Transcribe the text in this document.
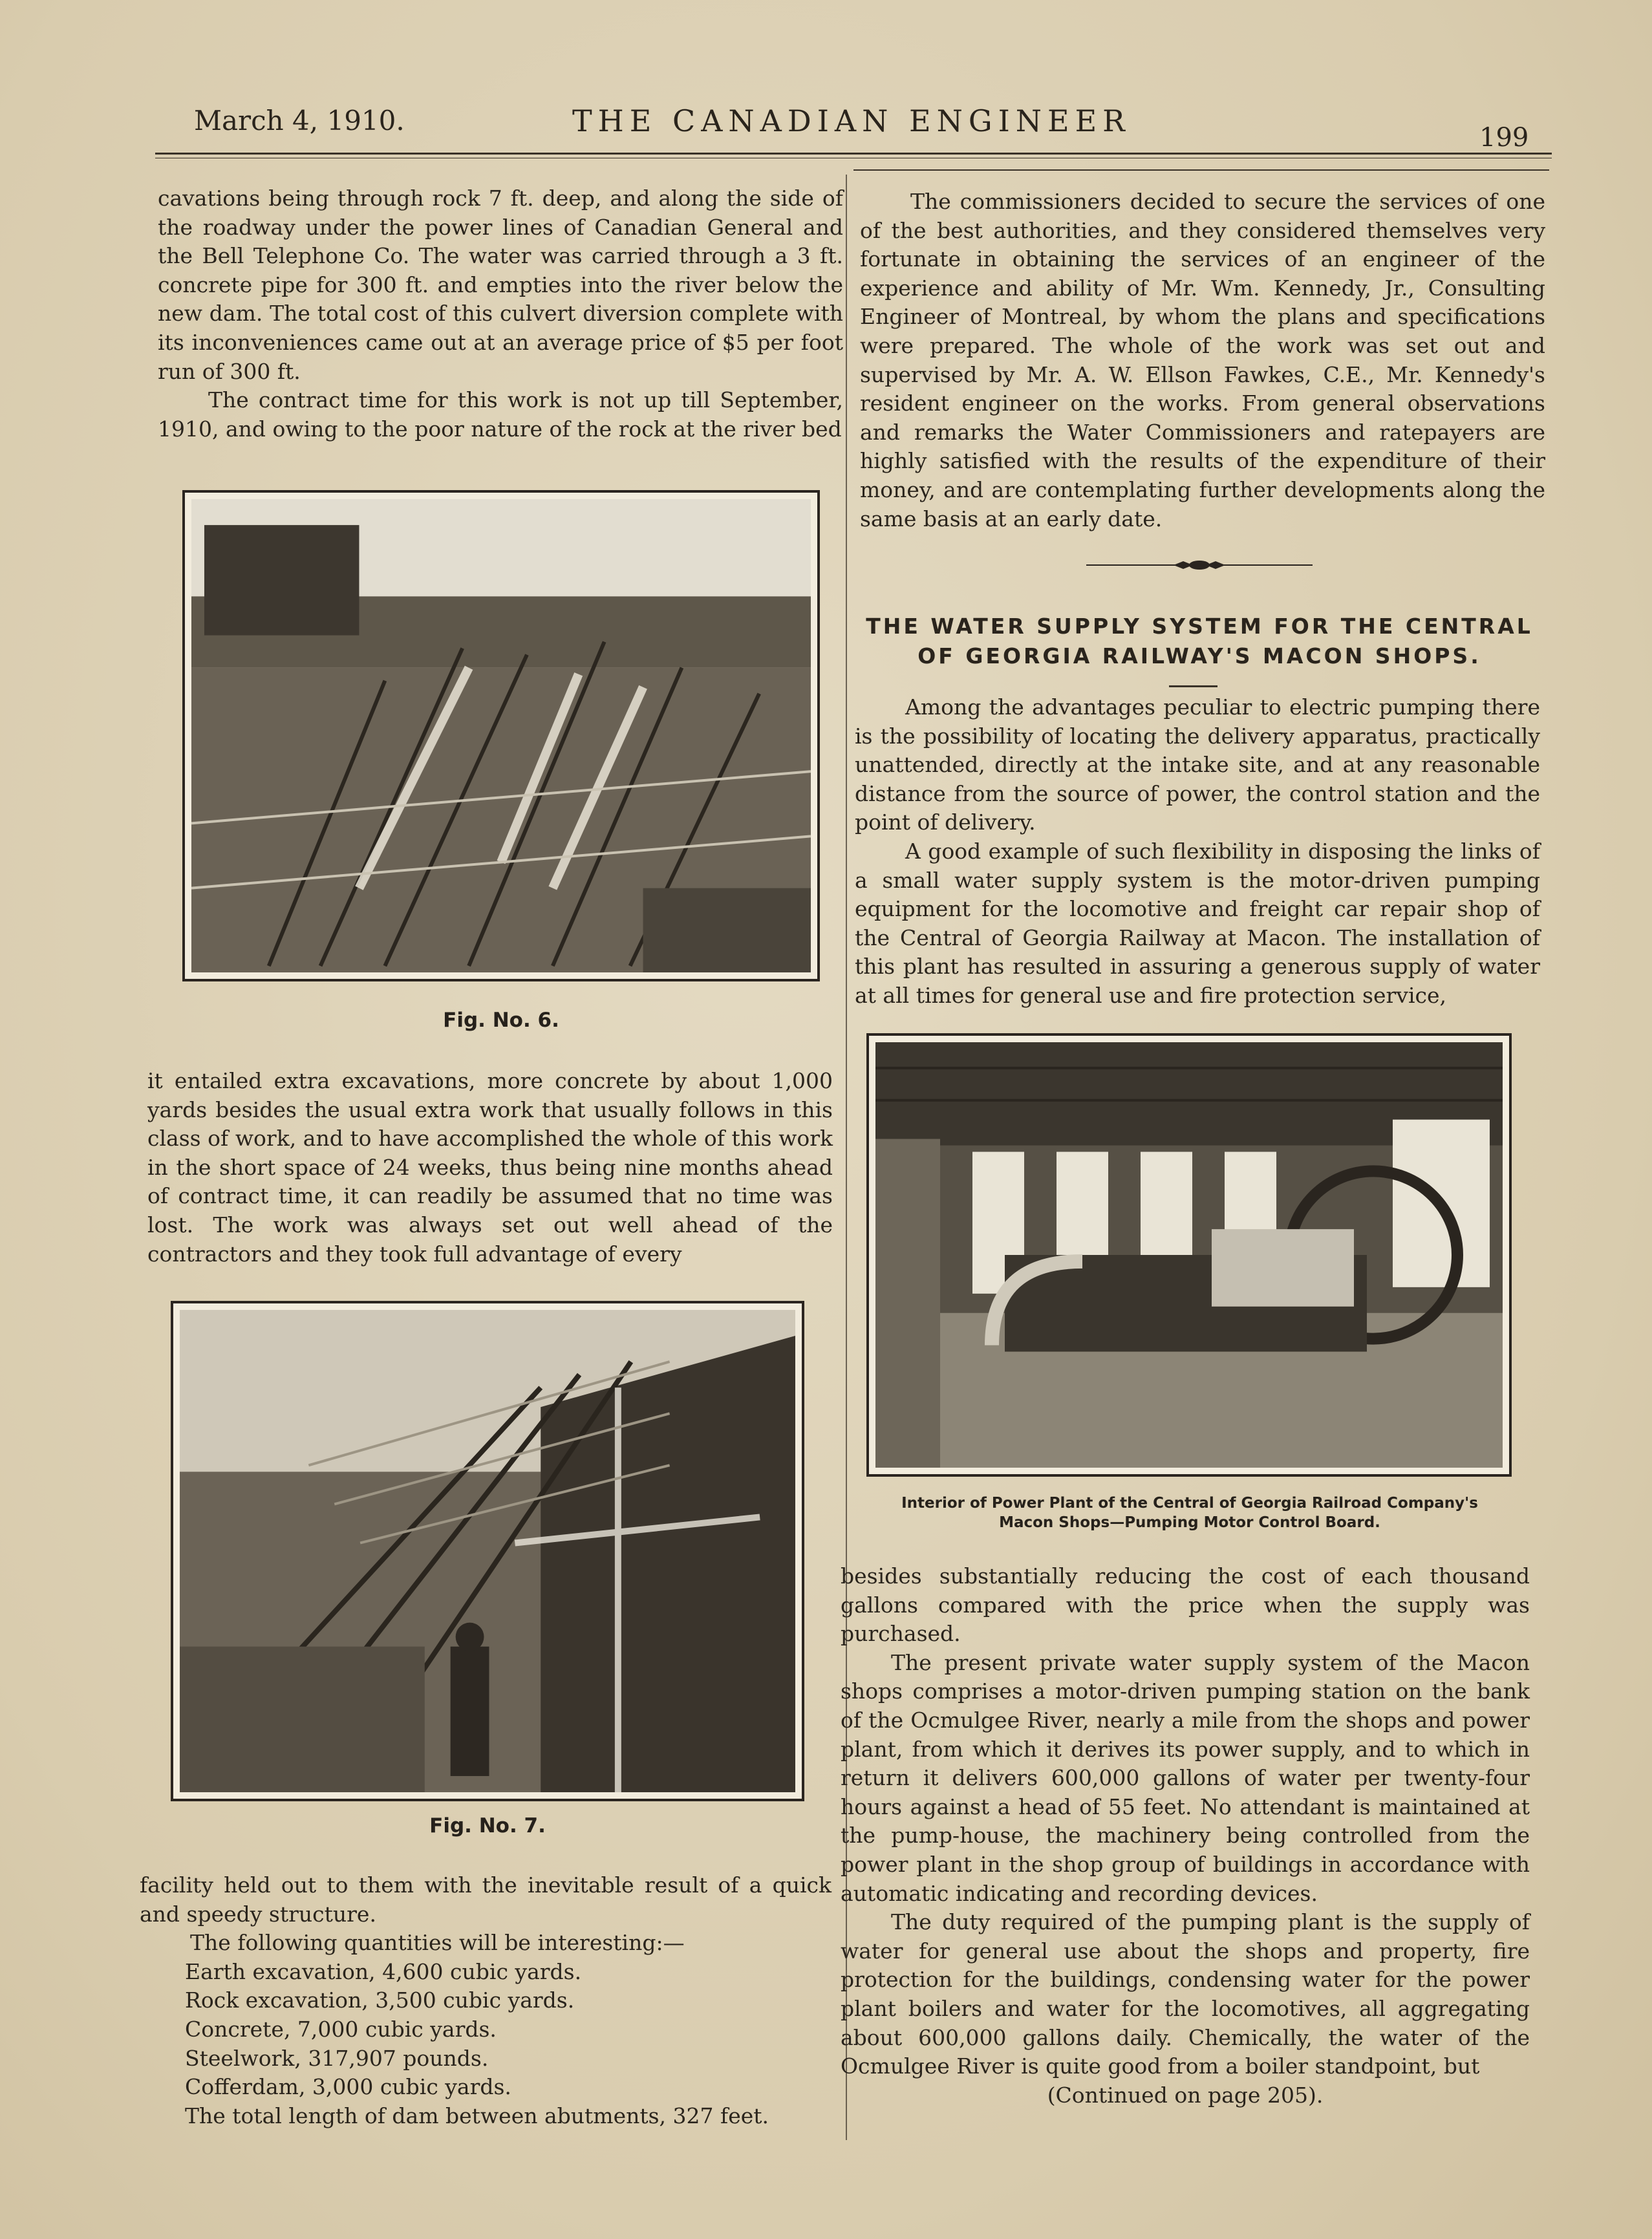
March 4, 1910.	THE CANADIAN ENGINEER	199

cavations being through rock 7 ft. deep, and along the side of the roadway under the power lines of Canadian General and the Bell Telephone Co. The water was carried through a 3 ft. concrete pipe for 300 ft. and empties into the river below the new dam. The total cost of this culvert diversion complete with its inconveniences came out at an average price of $5 per foot run of 300 ft.

The contract time for this work is not up till September, 1910, and owing to the poor nature of the rock at the river bed

Fig. No. 6.

it entailed extra excavations, more concrete by about 1,000 yards besides the usual extra work that usually follows in this class of work, and to have accomplished the whole of this work in the short space of 24 weeks, thus being nine months ahead of contract time, it can readily be assumed that no time was lost. The work was always set out well ahead of the contractors and they took full advantage of every

Fig. No. 7.

facility held out to them with the inevitable result of a quick and speedy structure.

The following quantities will be interesting:—

Earth excavation, 4,600 cubic yards.
Rock excavation, 3,500 cubic yards.
Concrete, 7,000 cubic yards.
Steelwork, 317,907 pounds.
Cofferdam, 3,000 cubic yards.
The total length of dam between abutments, 327 feet.

The commissioners decided to secure the services of one of the best authorities, and they considered themselves very fortunate in obtaining the services of an engineer of the experience and ability of Mr. Wm. Kennedy, Jr., Consulting Engineer of Montreal, by whom the plans and specifications were prepared. The whole of the work was set out and supervised by Mr. A. W. Ellson Fawkes, C.E., Mr. Kennedy's resident engineer on the works. From general observations and remarks the Water Commissioners and ratepayers are highly satisfied with the results of the expenditure of their money, and are contemplating further developments along the same basis at an early date.

THE WATER SUPPLY SYSTEM FOR THE CENTRAL
OF GEORGIA RAILWAY'S MACON SHOPS.

Among the advantages peculiar to electric pumping there is the possibility of locating the delivery apparatus, practically unattended, directly at the intake site, and at any reasonable distance from the source of power, the control station and the point of delivery.

A good example of such flexibility in disposing the links of a small water supply system is the motor-driven pumping equipment for the locomotive and freight car repair shop of the Central of Georgia Railway at Macon. The installation of this plant has resulted in assuring a generous supply of water at all times for general use and fire protection service,

Interior of Power Plant of the Central of Georgia Railroad Company's
Macon Shops—Pumping Motor Control Board.

besides substantially reducing the cost of each thousand gallons compared with the price when the supply was purchased.

The present private water supply system of the Macon shops comprises a motor-driven pumping station on the bank of the Ocmulgee River, nearly a mile from the shops and power plant, from which it derives its power supply, and to which in return it delivers 600,000 gallons of water per twenty-four hours against a head of 55 feet. No attendant is maintained at the pump-house, the machinery being controlled from the power plant in the shop group of buildings in accordance with automatic indicating and recording devices.

The duty required of the pumping plant is the supply of water for general use about the shops and property, fire protection for the buildings, condensing water for the power plant boilers and water for the locomotives, all aggregating about 600,000 gallons daily. Chemically, the water of the Ocmulgee River is quite good from a boiler standpoint, but

(Continued on page 205).
